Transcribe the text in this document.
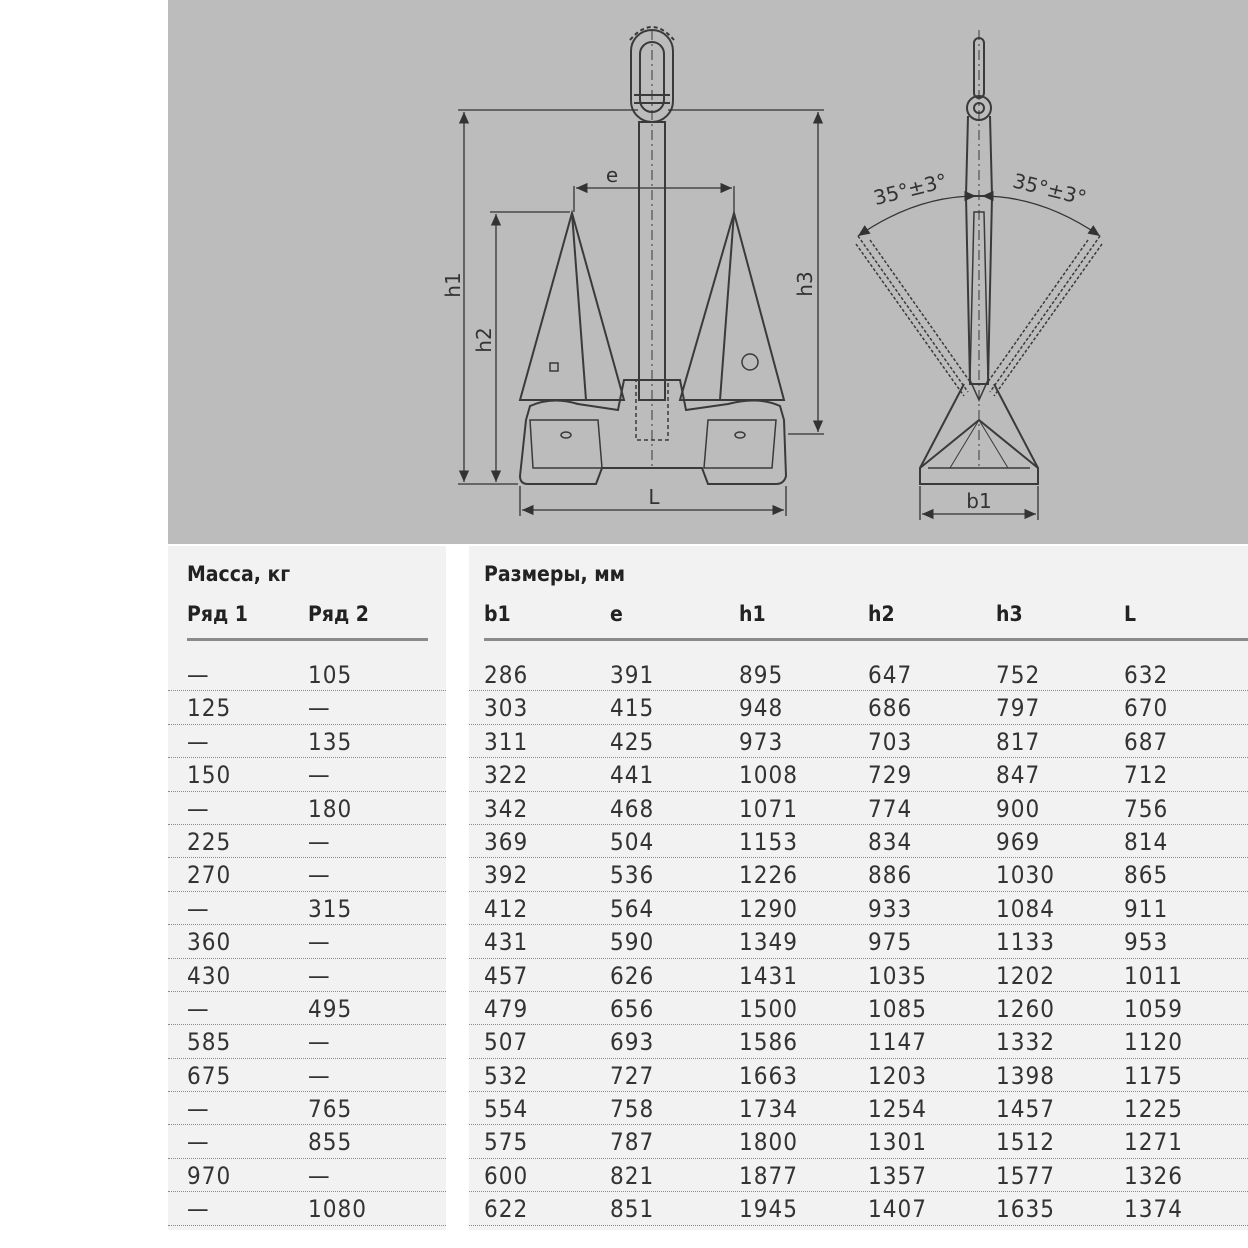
h1
h2
h3
e
L
35°±3°	35°±3°
b1
Масса, кг
Ряд 1	Ряд 2
—	105
125	—
—	135
150	—
—	180
225	—
270	—
—	315
360	—
430	—
—	495
585	—
675	—
—	765
—	855
970	—
—	1080
Размеры, мм
b1	e	h1	h2	h3	L
286	391	895	647	752	632
303	415	948	686	797	670
311	425	973	703	817	687
322	441	1008	729	847	712
342	468	1071	774	900	756
369	504	1153	834	969	814
392	536	1226	886	1030	865
412	564	1290	933	1084	911
431	590	1349	975	1133	953
457	626	1431	1035	1202	1011
479	656	1500	1085	1260	1059
507	693	1586	1147	1332	1120
532	727	1663	1203	1398	1175
554	758	1734	1254	1457	1225
575	787	1800	1301	1512	1271
600	821	1877	1357	1577	1326
622	851	1945	1407	1635	1374
